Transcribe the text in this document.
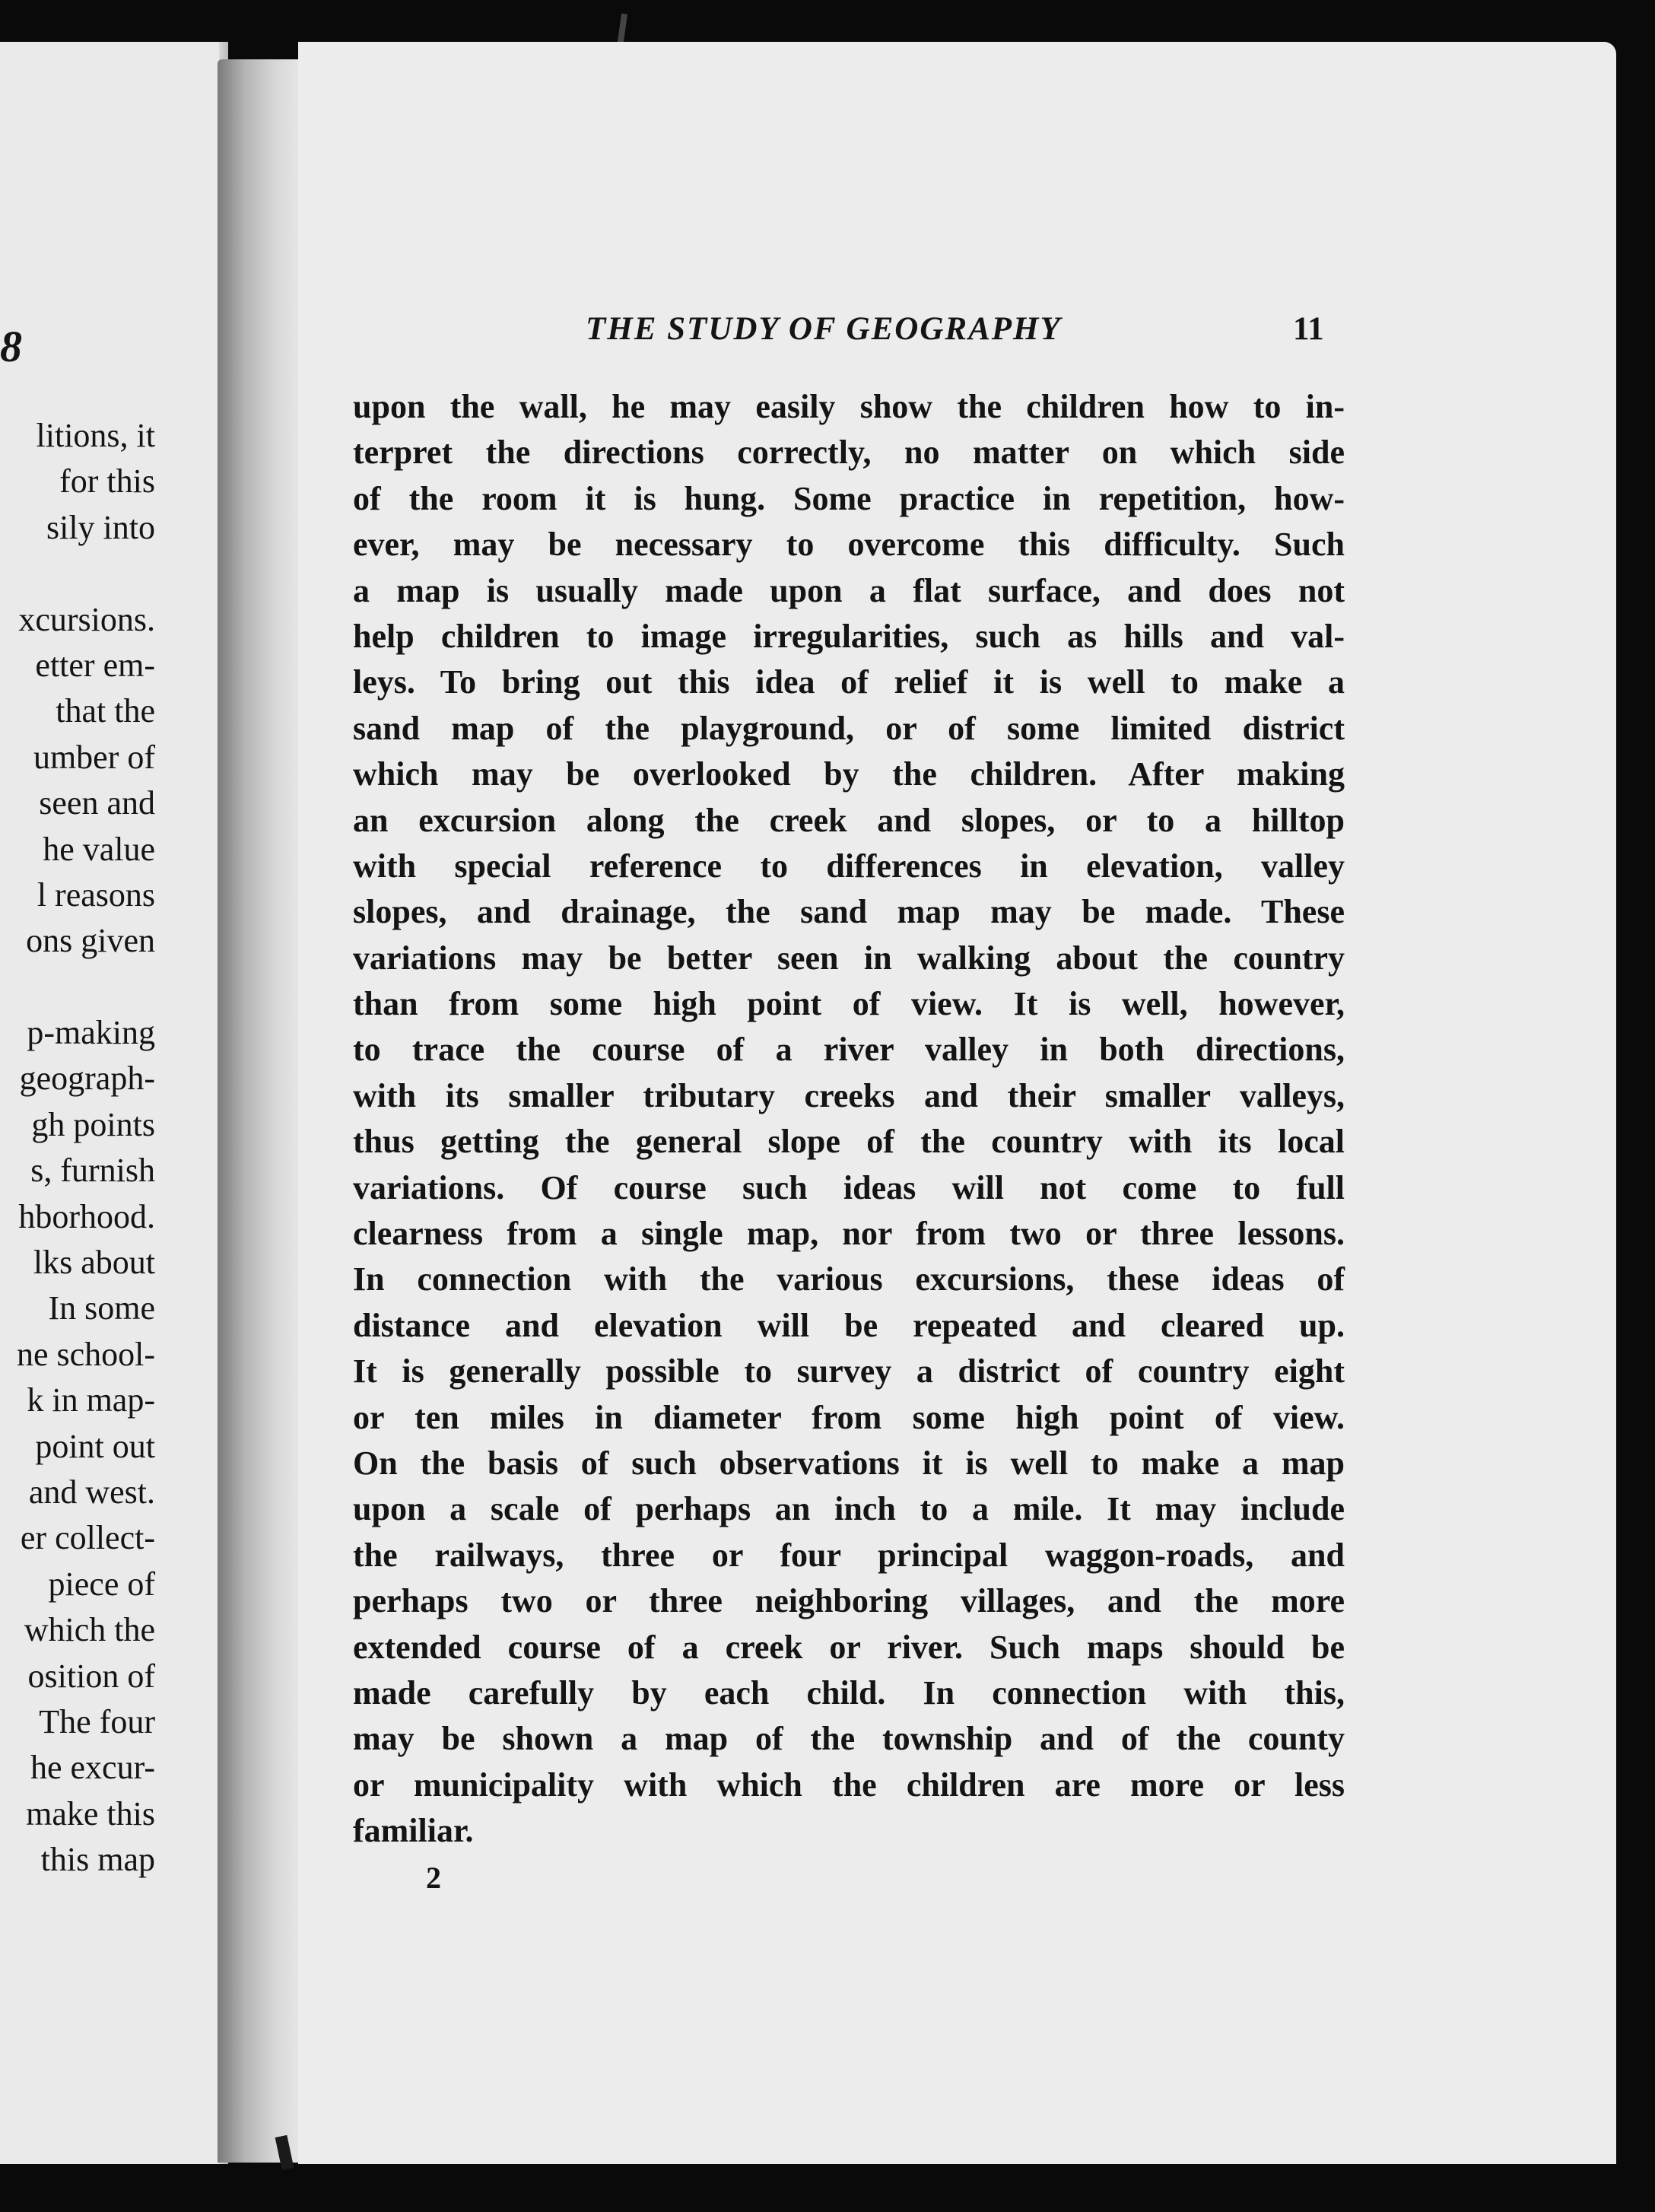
8
litions, it
for this
sily into
xcursions.
etter em-
that the
umber of
seen and
he value
l reasons
ons given
p-making
geograph-
gh points
s, furnish
hborhood.
lks about
In some
ne school-
k in map-
point out
and west.
er collect-
piece of
which the
osition of
The four
he excur-
make this
this map
THE STUDY OF GEOGRAPHY	11
upon the wall, he may easily show the children how to in-
terpret the directions correctly, no matter on which side
of the room it is hung. Some practice in repetition, how-
ever, may be necessary to overcome this difficulty. Such
a map is usually made upon a flat surface, and does not
help children to image irregularities, such as hills and val-
leys. To bring out this idea of relief it is well to make a
sand map of the playground, or of some limited district
which may be overlooked by the children. After making
an excursion along the creek and slopes, or to a hilltop
with special reference to differences in elevation, valley
slopes, and drainage, the sand map may be made. These
variations may be better seen in walking about the country
than from some high point of view. It is well, however,
to trace the course of a river valley in both directions,
with its smaller tributary creeks and their smaller valleys,
thus getting the general slope of the country with its local
variations. Of course such ideas will not come to full
clearness from a single map, nor from two or three lessons.
In connection with the various excursions, these ideas of
distance and elevation will be repeated and cleared up.
It is generally possible to survey a district of country eight
or ten miles in diameter from some high point of view.
On the basis of such observations it is well to make a map
upon a scale of perhaps an inch to a mile. It may include
the railways, three or four principal waggon-roads, and
perhaps two or three neighboring villages, and the more
extended course of a creek or river. Such maps should be
made carefully by each child. In connection with this,
may be shown a map of the township and of the county
or municipality with which the children are more or less
familiar.
2
